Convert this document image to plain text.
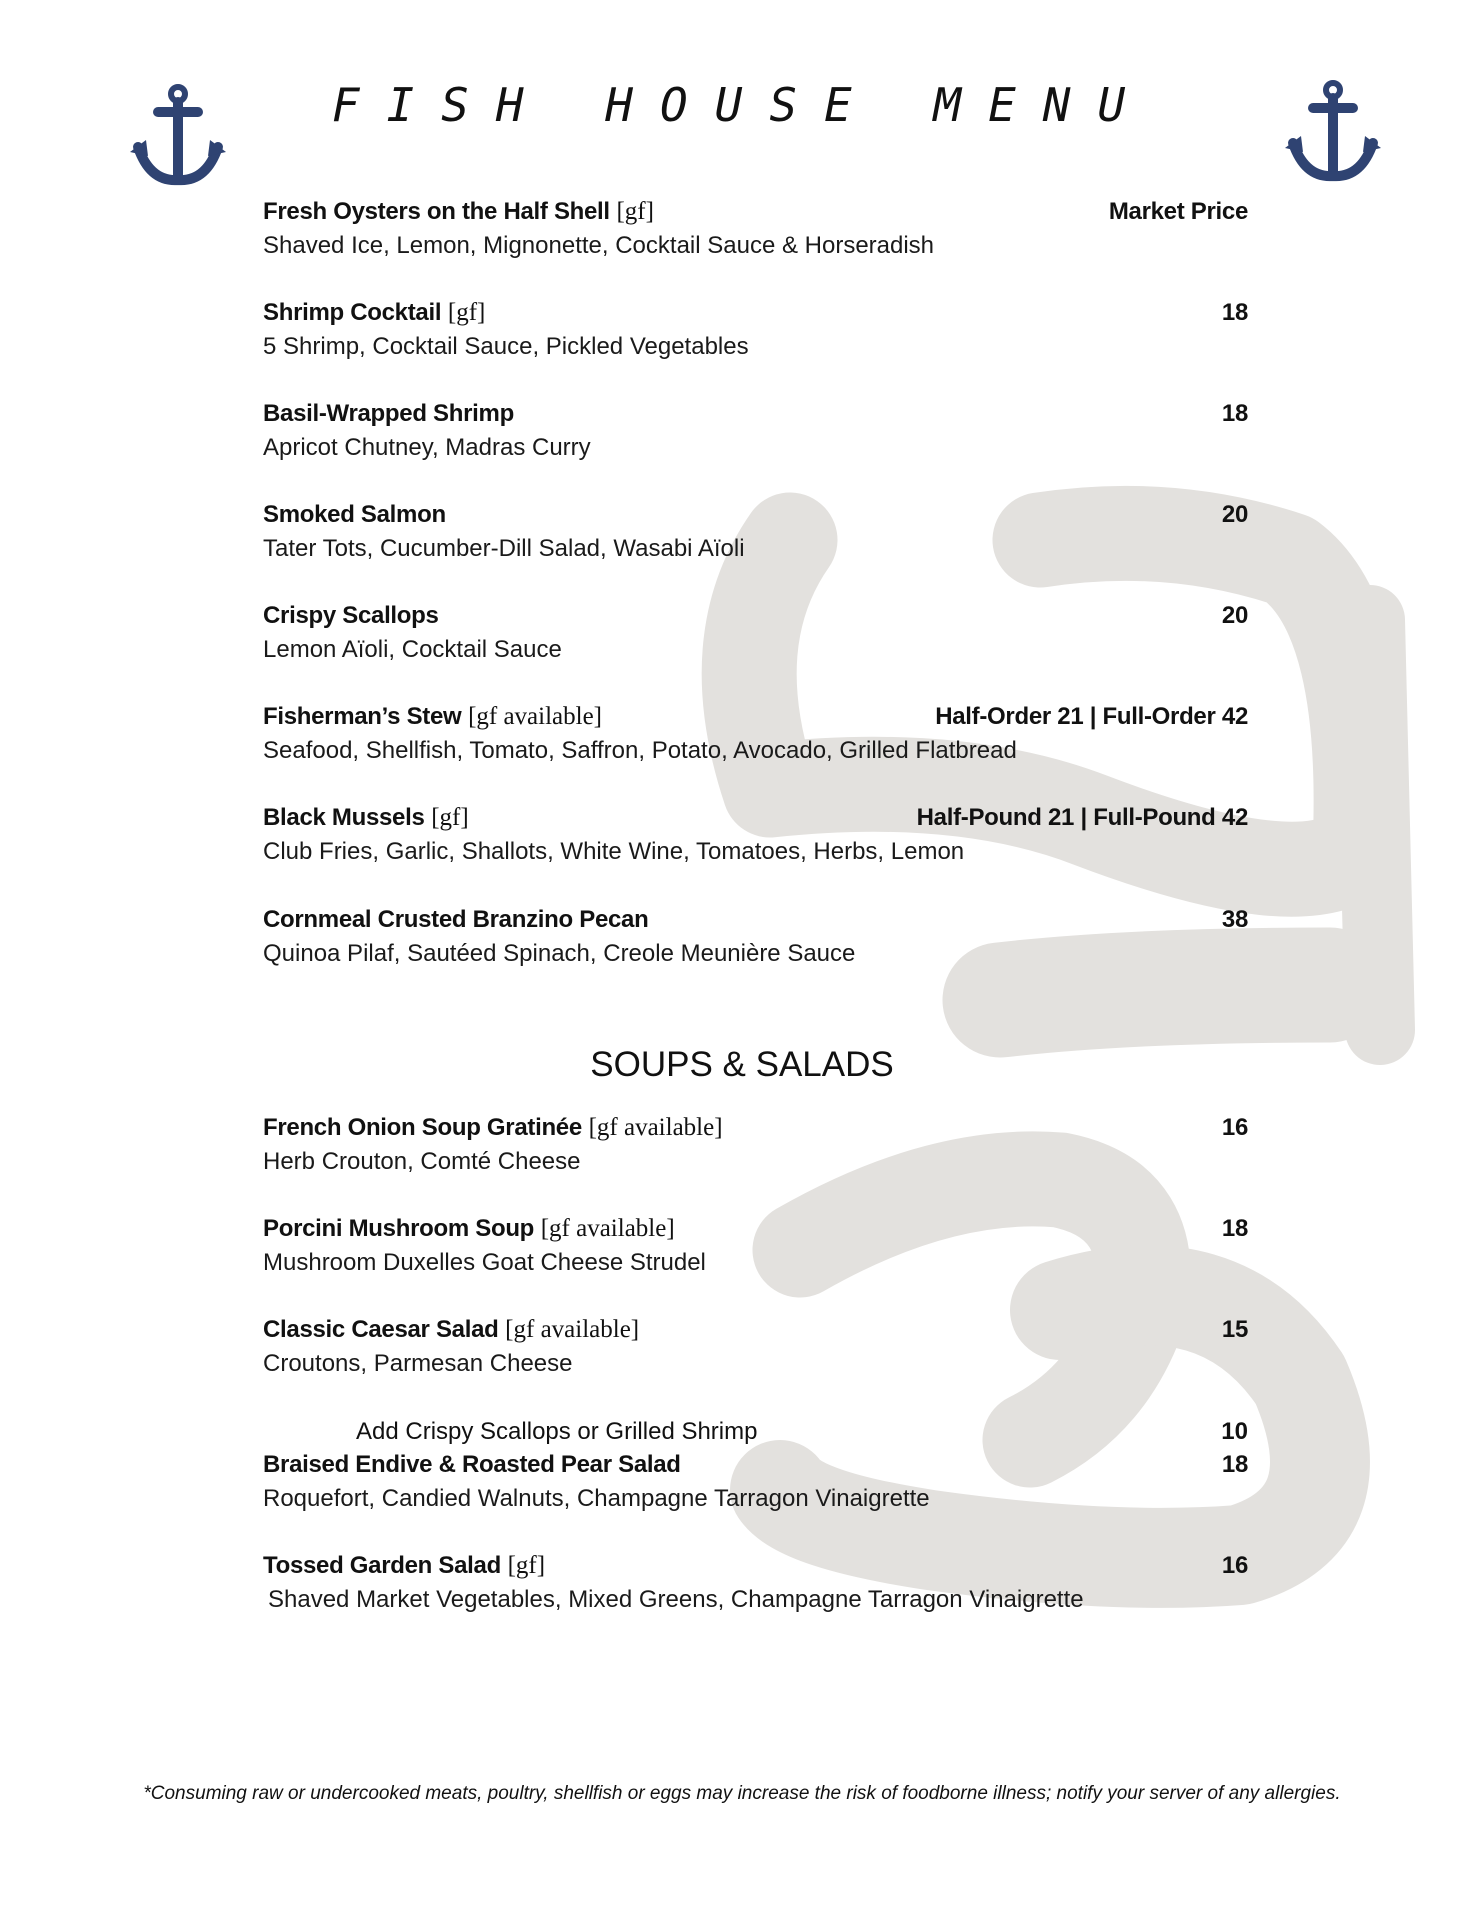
FISH HOUSE MENU
Fresh Oysters on the Half Shell [gf]	Market Price
Shaved Ice, Lemon, Mignonette, Cocktail Sauce & Horseradish
Shrimp Cocktail [gf]	18
5 Shrimp, Cocktail Sauce, Pickled Vegetables
Basil-Wrapped Shrimp	18
Apricot Chutney, Madras Curry
Smoked Salmon	20
Tater Tots, Cucumber-Dill Salad, Wasabi Aïoli
Crispy Scallops	20
Lemon Aïoli, Cocktail Sauce
Fisherman’s Stew [gf available]	Half-Order 21 | Full-Order 42
Seafood, Shellfish, Tomato, Saffron, Potato, Avocado, Grilled Flatbread
Black Mussels [gf]	Half-Pound 21 | Full-Pound 42
Club Fries, Garlic, Shallots, White Wine, Tomatoes, Herbs, Lemon
Cornmeal Crusted Branzino Pecan	38
Quinoa Pilaf, Sautéed Spinach, Creole Meunière Sauce
SOUPS & SALADS
French Onion Soup Gratinée [gf available]	16
Herb Crouton, Comté Cheese
Porcini Mushroom Soup [gf available]	18
Mushroom Duxelles Goat Cheese Strudel
Classic Caesar Salad [gf available]	15
Croutons, Parmesan Cheese
Add Crispy Scallops or Grilled Shrimp	10
Braised Endive & Roasted Pear Salad	18
Roquefort, Candied Walnuts, Champagne Tarragon Vinaigrette
Tossed Garden Salad [gf]	16
Shaved Market Vegetables, Mixed Greens, Champagne Tarragon Vinaigrette
*Consuming raw or undercooked meats, poultry, shellfish or eggs may increase the risk of foodborne illness; notify your server of any allergies.
